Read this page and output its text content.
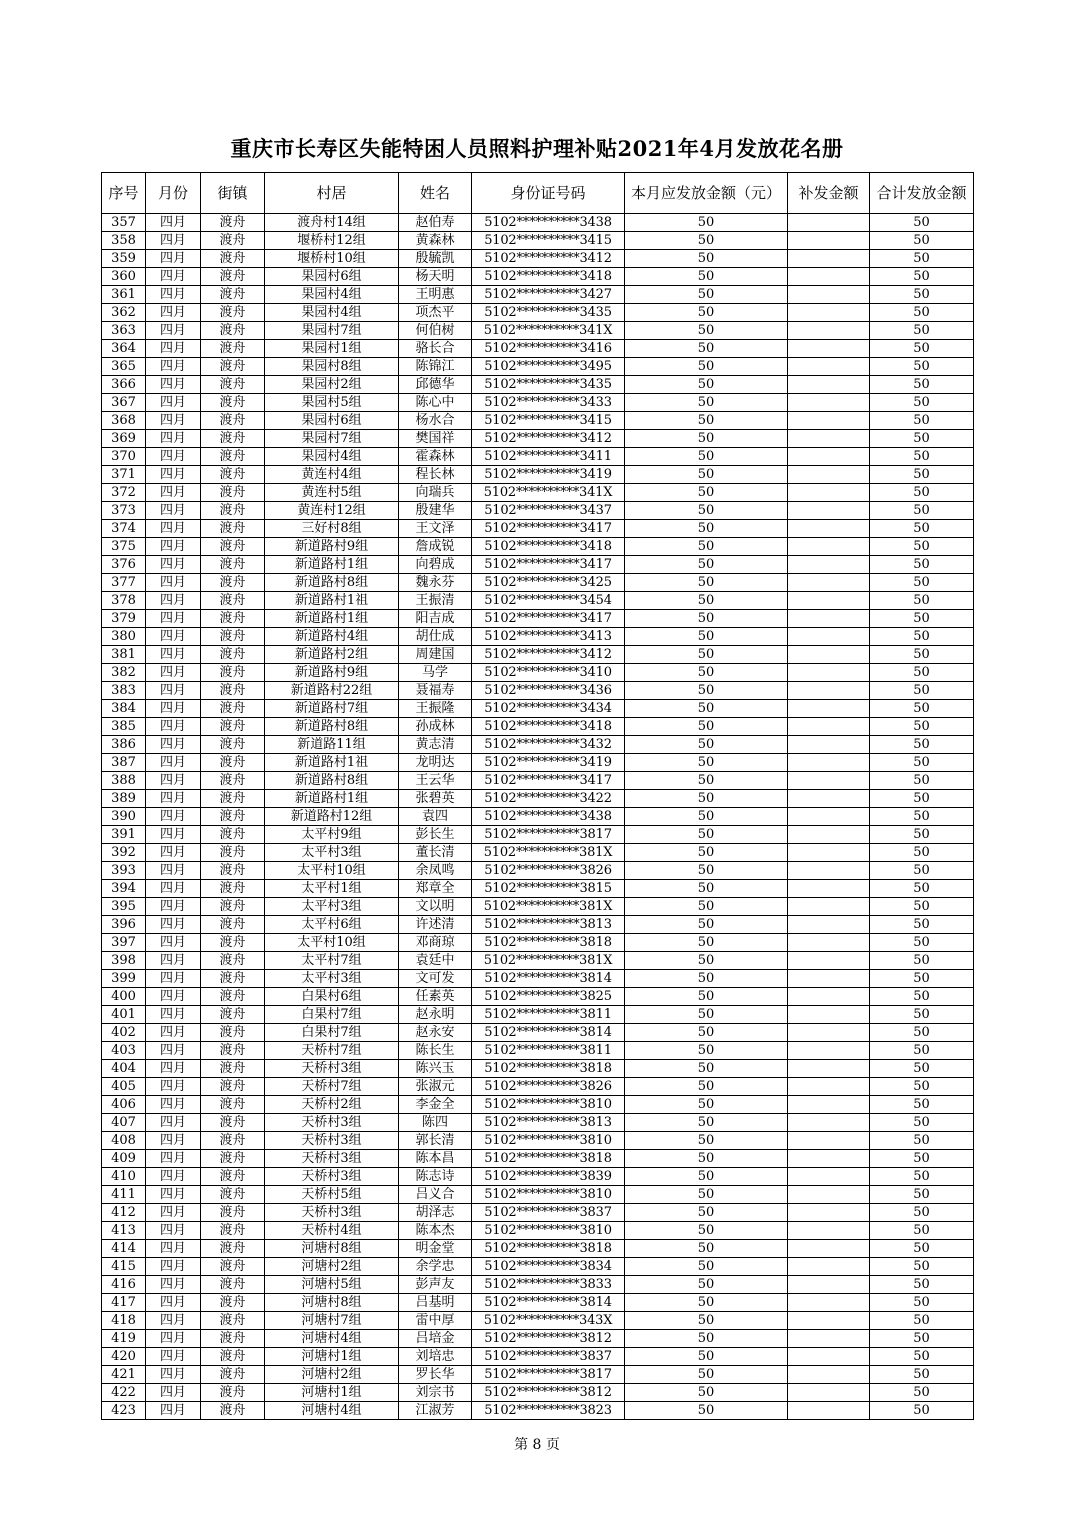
重庆市长寿区失能特困人员照料护理补贴2021年4月发放花名册
序号	月份	街镇	村居	姓名	身份证号码	本月应发放金额（元）	补发金额	合计发放金额
357	四月	渡舟	渡舟村14组	赵伯寿	5102**********3438	50		50
358	四月	渡舟	堰桥村12组	黄森林	5102**********3415	50		50
359	四月	渡舟	堰桥村10组	殷毓凯	5102**********3412	50		50
360	四月	渡舟	果园村6组	杨天明	5102**********3418	50		50
361	四月	渡舟	果园村4组	王明惠	5102**********3427	50		50
362	四月	渡舟	果园村4组	项杰平	5102**********3435	50		50
363	四月	渡舟	果园村7组	何伯树	5102**********341X	50		50
364	四月	渡舟	果园村1组	骆长合	5102**********3416	50		50
365	四月	渡舟	果园村8组	陈锦江	5102**********3495	50		50
366	四月	渡舟	果园村2组	邱德华	5102**********3435	50		50
367	四月	渡舟	果园村5组	陈心中	5102**********3433	50		50
368	四月	渡舟	果园村6组	杨水合	5102**********3415	50		50
369	四月	渡舟	果园村7组	樊国祥	5102**********3412	50		50
370	四月	渡舟	果园村4组	霍森林	5102**********3411	50		50
371	四月	渡舟	黄连村4组	程长林	5102**********3419	50		50
372	四月	渡舟	黄连村5组	向瑞兵	5102**********341X	50		50
373	四月	渡舟	黄连村12组	殷建华	5102**********3437	50		50
374	四月	渡舟	三好村8组	王文泽	5102**********3417	50		50
375	四月	渡舟	新道路村9组	詹成锐	5102**********3418	50		50
376	四月	渡舟	新道路村1组	向碧成	5102**********3417	50		50
377	四月	渡舟	新道路村8组	魏永芬	5102**********3425	50		50
378	四月	渡舟	新道路村1祖	王振清	5102**********3454	50		50
379	四月	渡舟	新道路村1组	阳吉成	5102**********3417	50		50
380	四月	渡舟	新道路村4组	胡仕成	5102**********3413	50		50
381	四月	渡舟	新道路村2组	周建国	5102**********3412	50		50
382	四月	渡舟	新道路村9组	马学	5102**********3410	50		50
383	四月	渡舟	新道路村22组	聂福寿	5102**********3436	50		50
384	四月	渡舟	新道路村7组	王振隆	5102**********3434	50		50
385	四月	渡舟	新道路村8组	孙成林	5102**********3418	50		50
386	四月	渡舟	新道路11组	黄志清	5102**********3432	50		50
387	四月	渡舟	新道路村1祖	龙明达	5102**********3419	50		50
388	四月	渡舟	新道路村8组	王云华	5102**********3417	50		50
389	四月	渡舟	新道路村1组	张碧英	5102**********3422	50		50
390	四月	渡舟	新道路村12组	袁四	5102**********3438	50		50
391	四月	渡舟	太平村9组	彭长生	5102**********3817	50		50
392	四月	渡舟	太平村3组	董长清	5102**********381X	50		50
393	四月	渡舟	太平村10组	余凤鸣	5102**********3826	50		50
394	四月	渡舟	太平村1组	郑章全	5102**********3815	50		50
395	四月	渡舟	太平村3组	文以明	5102**********381X	50		50
396	四月	渡舟	太平村6组	许述清	5102**********3813	50		50
397	四月	渡舟	太平村10组	邓商琼	5102**********3818	50		50
398	四月	渡舟	太平村7组	袁廷中	5102**********381X	50		50
399	四月	渡舟	太平村3组	文可发	5102**********3814	50		50
400	四月	渡舟	白果村6组	任素英	5102**********3825	50		50
401	四月	渡舟	白果村7组	赵永明	5102**********3811	50		50
402	四月	渡舟	白果村7组	赵永安	5102**********3814	50		50
403	四月	渡舟	天桥村7组	陈长生	5102**********3811	50		50
404	四月	渡舟	天桥村3组	陈兴玉	5102**********3818	50		50
405	四月	渡舟	天桥村7组	张淑元	5102**********3826	50		50
406	四月	渡舟	天桥村2组	李金全	5102**********3810	50		50
407	四月	渡舟	天桥村3组	陈四	5102**********3813	50		50
408	四月	渡舟	天桥村3组	郭长清	5102**********3810	50		50
409	四月	渡舟	天桥村3组	陈本昌	5102**********3818	50		50
410	四月	渡舟	天桥村3组	陈志诗	5102**********3839	50		50
411	四月	渡舟	天桥村5组	吕义合	5102**********3810	50		50
412	四月	渡舟	天桥村3组	胡泽志	5102**********3837	50		50
413	四月	渡舟	天桥村4组	陈本杰	5102**********3810	50		50
414	四月	渡舟	河塘村8组	明金堂	5102**********3818	50		50
415	四月	渡舟	河塘村2组	余学忠	5102**********3834	50		50
416	四月	渡舟	河塘村5组	彭声友	5102**********3833	50		50
417	四月	渡舟	河塘村8组	吕基明	5102**********3814	50		50
418	四月	渡舟	河塘村7组	雷中厚	5102**********343X	50		50
419	四月	渡舟	河塘村4组	吕培金	5102**********3812	50		50
420	四月	渡舟	河塘村1组	刘培忠	5102**********3837	50		50
421	四月	渡舟	河塘村2组	罗长华	5102**********3817	50		50
422	四月	渡舟	河塘村1组	刘宗书	5102**********3812	50		50
423	四月	渡舟	河塘村4组	江淑芳	5102**********3823	50		50
第 8 页
